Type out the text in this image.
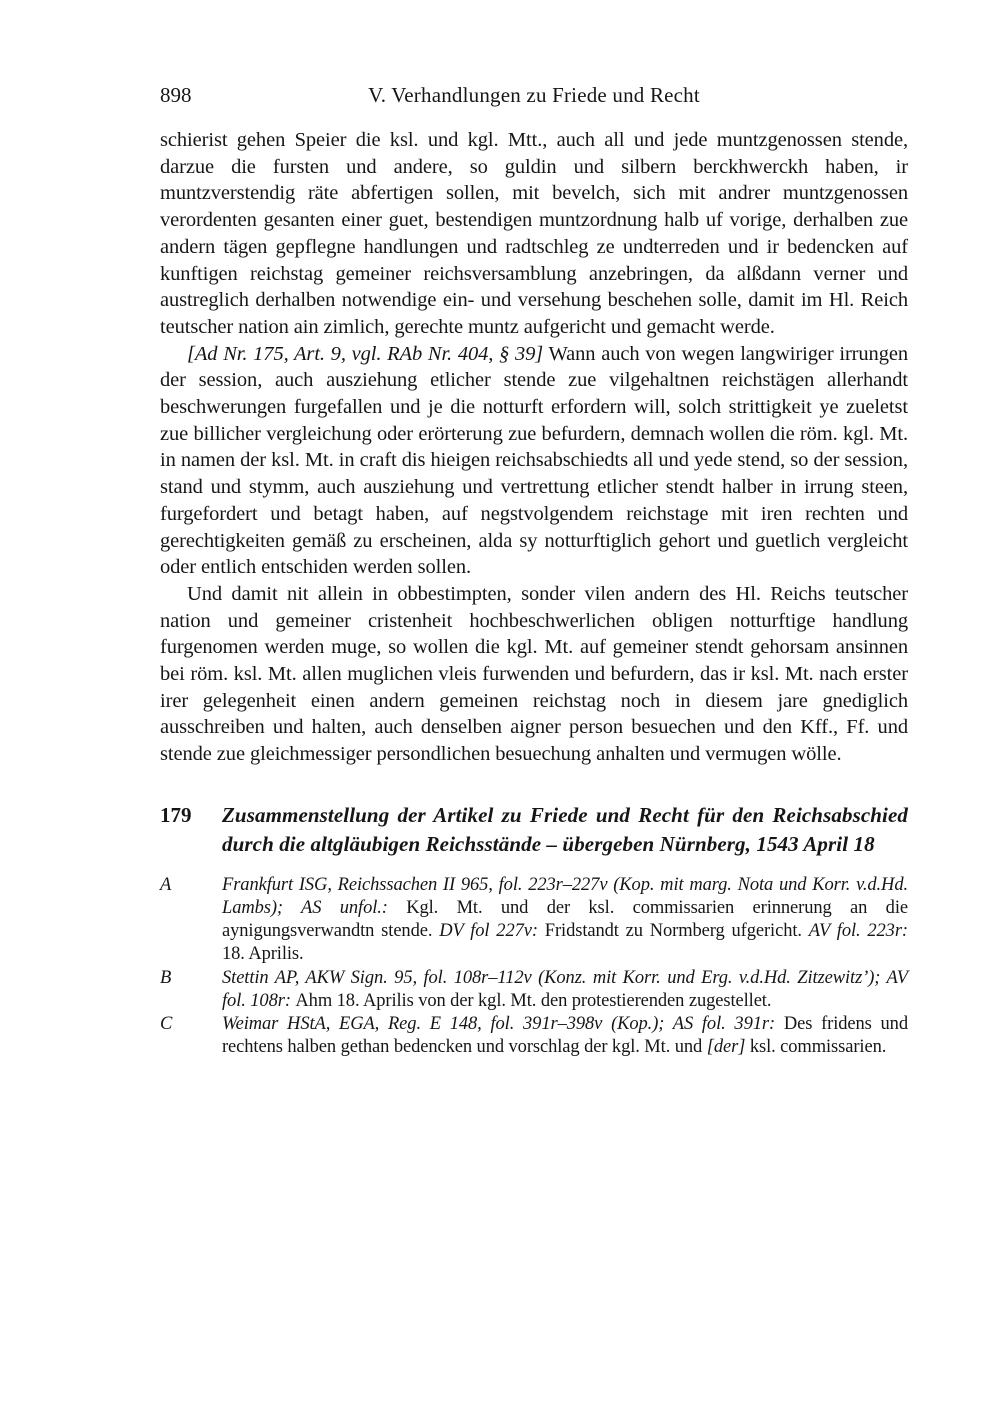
898	V. Verhandlungen zu Friede und Recht

schierist gehen Speier die ksl. und kgl. Mtt., auch all und jede muntzgenossen stende, darzue die fursten und andere, so guldin und silbern berckhwerckh haben, ir muntzverstendig räte abfertigen sollen, mit bevelch, sich mit andrer muntzgenossen verordenten gesanten einer guet, bestendigen muntzordnung halb uf vorige, derhalben zue andern tägen gepflegne handlungen und radtschleg ze undterreden und ir bedencken auf kunftigen reichstag gemeiner reichsversamblung anzebringen, da alßdann verner und austreglich derhalben notwendige ein- und versehung beschehen solle, damit im Hl. Reich teutscher nation ain zimlich, gerechte muntz aufgericht und gemacht werde.

[Ad Nr. 175, Art. 9, vgl. RAb Nr. 404, § 39] Wann auch von wegen langwiriger irrungen der session, auch ausziehung etlicher stende zue vilgehaltnen reichstägen allerhandt beschwerungen furgefallen und je die notturft erfordern will, solch strittigkeit ye zueletst zue billicher vergleichung oder erörterung zue befurdern, demnach wollen die röm. kgl. Mt. in namen der ksl. Mt. in craft dis hieigen reichsabschiedts all und yede stend, so der session, stand und stymm, auch ausziehung und vertrettung etlicher stendt halber in irrung steen, furgefordert und betagt haben, auf negstvolgendem reichstage mit iren rechten und gerechtigkeiten gemäß zu erscheinen, alda sy notturftiglich gehort und guetlich vergleicht oder entlich entschiden werden sollen.

Und damit nit allein in obbestimpten, sonder vilen andern des Hl. Reichs teutscher nation und gemeiner cristenheit hochbeschwerlichen obligen notturftige handlung furgenomen werden muge, so wollen die kgl. Mt. auf gemeiner stendt gehorsam ansinnen bei röm. ksl. Mt. allen muglichen vleis furwenden und befurdern, das ir ksl. Mt. nach erster irer gelegenheit einen andern gemeinen reichstag noch in diesem jare gnediglich ausschreiben und halten, auch denselben aigner person besuechen und den Kff., Ff. und stende zue gleichmessiger persondlichen besuechung anhalten und vermugen wölle.

179 Zusammenstellung der Artikel zu Friede und Recht für den Reichsabschied durch die altgläubigen Reichsstände – übergeben Nürnberg, 1543 April 18
A	Frankfurt ISG, Reichssachen II 965, fol. 223r–227v (Kop. mit marg. Nota und Korr. v.d.Hd. Lambs); AS unfol.: Kgl. Mt. und der ksl. commissarien erinnerung an die aynigungsverwandtn stende. DV fol 227v: Fridstandt zu Normberg ufgericht. AV fol. 223r: 18. Aprilis.
B	Stettin AP, AKW Sign. 95, fol. 108r–112v (Konz. mit Korr. und Erg. v.d.Hd. Zitzewitz’); AV fol. 108r: Ahm 18. Aprilis von der kgl. Mt. den protestierenden zugestellet.
C	Weimar HStA, EGA, Reg. E 148, fol. 391r–398v (Kop.); AS fol. 391r: Des fridens und rechtens halben gethan bedencken und vorschlag der kgl. Mt. und [der] ksl. commissarien.
